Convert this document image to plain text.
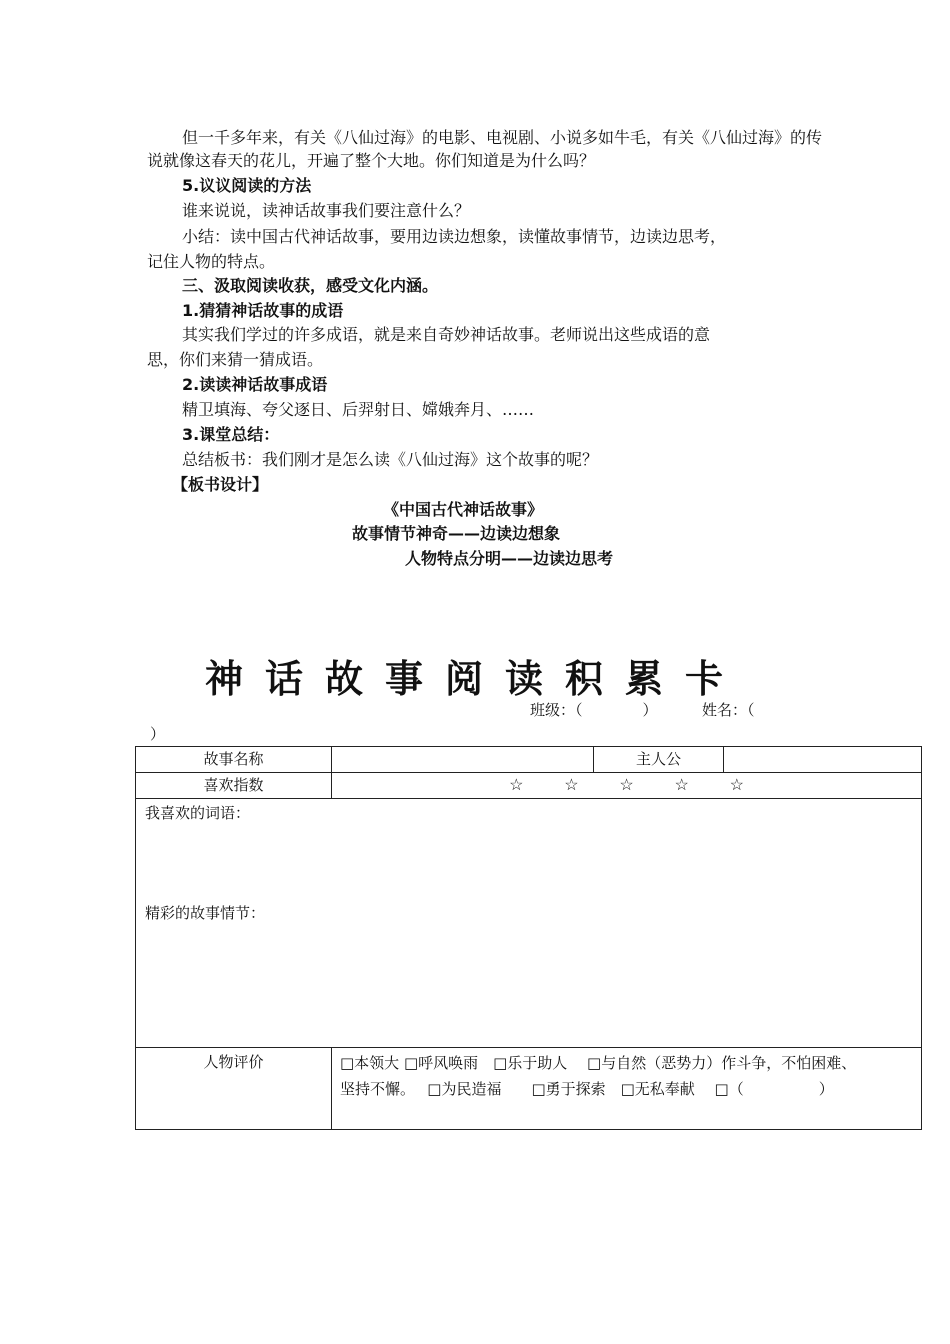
但一千多年来，有关《八仙过海》的电影、电视剧、小说多如牛毛，有关《八仙过海》的传
说就像这春天的花儿，开遍了整个大地。你们知道是为什么吗？
5.议议阅读的方法
谁来说说，读神话故事我们要注意什么？
小结：读中国古代神话故事，要用边读边想象，读懂故事情节，边读边思考，
记住人物的特点。
三、汲取阅读收获，感受文化内涵。
1.猜猜神话故事的成语
其实我们学过的许多成语，就是来自奇妙神话故事。老师说出这些成语的意
思，你们来猜一猜成语。
2.读读神话故事成语
精卫填海、夸父逐日、后羿射日、嫦娥奔月、……
3.课堂总结：
总结板书：我们刚才是怎么读《八仙过海》这个故事的呢？
【板书设计】
《中国古代神话故事》
故事情节神奇——边读边想象
人物特点分明——边读边思考
神话故事阅读积累卡
班级：（　　　　）	姓名：（
）
故事名称		主人公	
喜欢指数	☆ ☆ ☆ ☆ ☆		

我喜欢的词语：
精彩的故事情节：			

人物评价	□本领大 □呼风唤雨　□乐于助人　 □与自然（恶势力）作斗争，不怕困难、
坚持不懈。　 □为民造福　　□勇于探索　□无私奉献　 □（　　　　　）		
